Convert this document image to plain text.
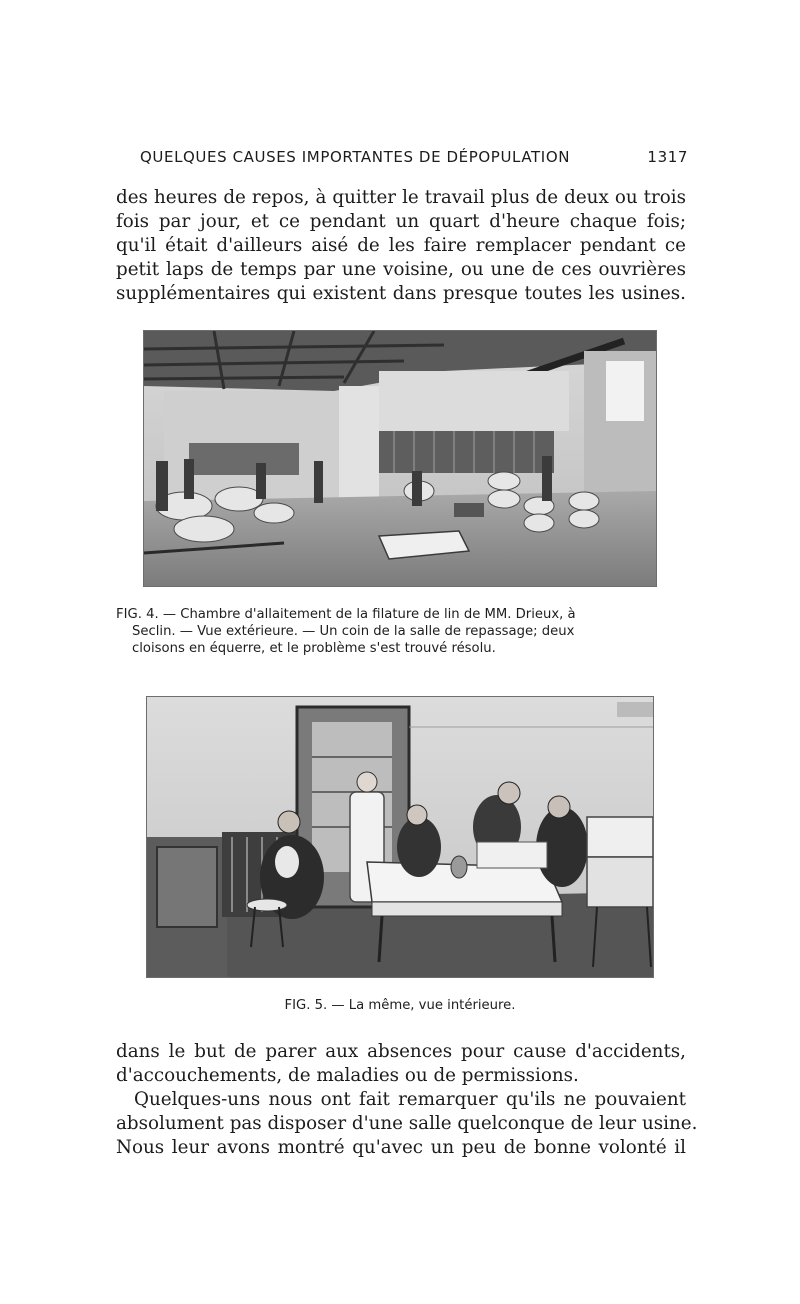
QUELQUES CAUSES IMPORTANTES DE DÉPOPULATION	1317
des heures de repos, à quitter le travail plus de deux ou trois
fois par jour, et ce pendant un quart d'heure chaque fois;
qu'il était d'ailleurs aisé de les faire remplacer pendant ce
petit laps de temps par une voisine, ou une de ces ouvrières
supplémentaires qui existent dans presque toutes les usines.
FIG. 4. — Chambre d'allaitement de la filature de lin de MM. Drieux, à
Seclin. — Vue extérieure. — Un coin de la salle de repassage; deux
cloisons en équerre, et le problème s'est trouvé résolu.
FIG. 5. — La même, vue intérieure.
dans le but de parer aux absences pour cause d'accidents,
d'accouchements, de maladies ou de permissions.
Quelques-uns nous ont fait remarquer qu'ils ne pouvaient
absolument pas disposer d'une salle quelconque de leur usine.
Nous leur avons montré qu'avec un peu de bonne volonté il
